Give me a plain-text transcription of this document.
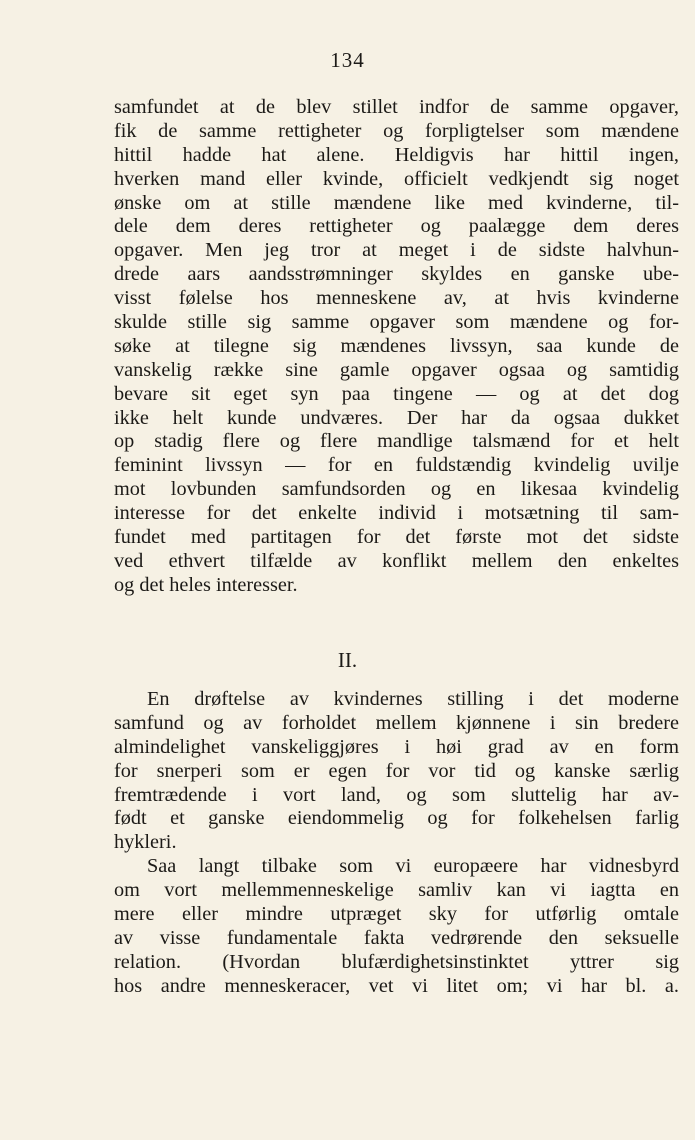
134
samfundet at de blev stillet indfor de samme opgaver,
fik de samme rettigheter og forpligtelser som mændene
hittil hadde hat alene. Heldigvis har hittil ingen,
hverken mand eller kvinde, officielt vedkjendt sig noget
ønske om at stille mændene like med kvinderne, til-
dele dem deres rettigheter og paalægge dem deres
opgaver. Men jeg tror at meget i de sidste halvhun-
drede aars aandsstrømninger skyldes en ganske ube-
visst følelse hos menneskene av, at hvis kvinderne
skulde stille sig samme opgaver som mændene og for-
søke at tilegne sig mændenes livssyn, saa kunde de
vanskelig række sine gamle opgaver ogsaa og samtidig
bevare sit eget syn paa tingene — og at det dog
ikke helt kunde undværes. Der har da ogsaa dukket
op stadig flere og flere mandlige talsmænd for et helt
feminint livssyn — for en fuldstændig kvindelig uvilje
mot lovbunden samfundsorden og en likesaa kvindelig
interesse for det enkelte individ i motsætning til sam-
fundet med partitagen for det første mot det sidste
ved ethvert tilfælde av konflikt mellem den enkeltes
og det heles interesser.
II.
En drøftelse av kvindernes stilling i det moderne
samfund og av forholdet mellem kjønnene i sin bredere
almindelighet vanskeliggjøres i høi grad av en form
for snerperi som er egen for vor tid og kanske særlig
fremtrædende i vort land, og som sluttelig har av-
født et ganske eiendommelig og for folkehelsen farlig
hykleri.
Saa langt tilbake som vi europæere har vidnesbyrd
om vort mellemmenneskelige samliv kan vi iagtta en
mere eller mindre utpræget sky for utførlig omtale
av visse fundamentale fakta vedrørende den seksuelle
relation. (Hvordan blufærdighetsinstinktet yttrer sig
hos andre menneskeracer, vet vi litet om; vi har bl. a.
